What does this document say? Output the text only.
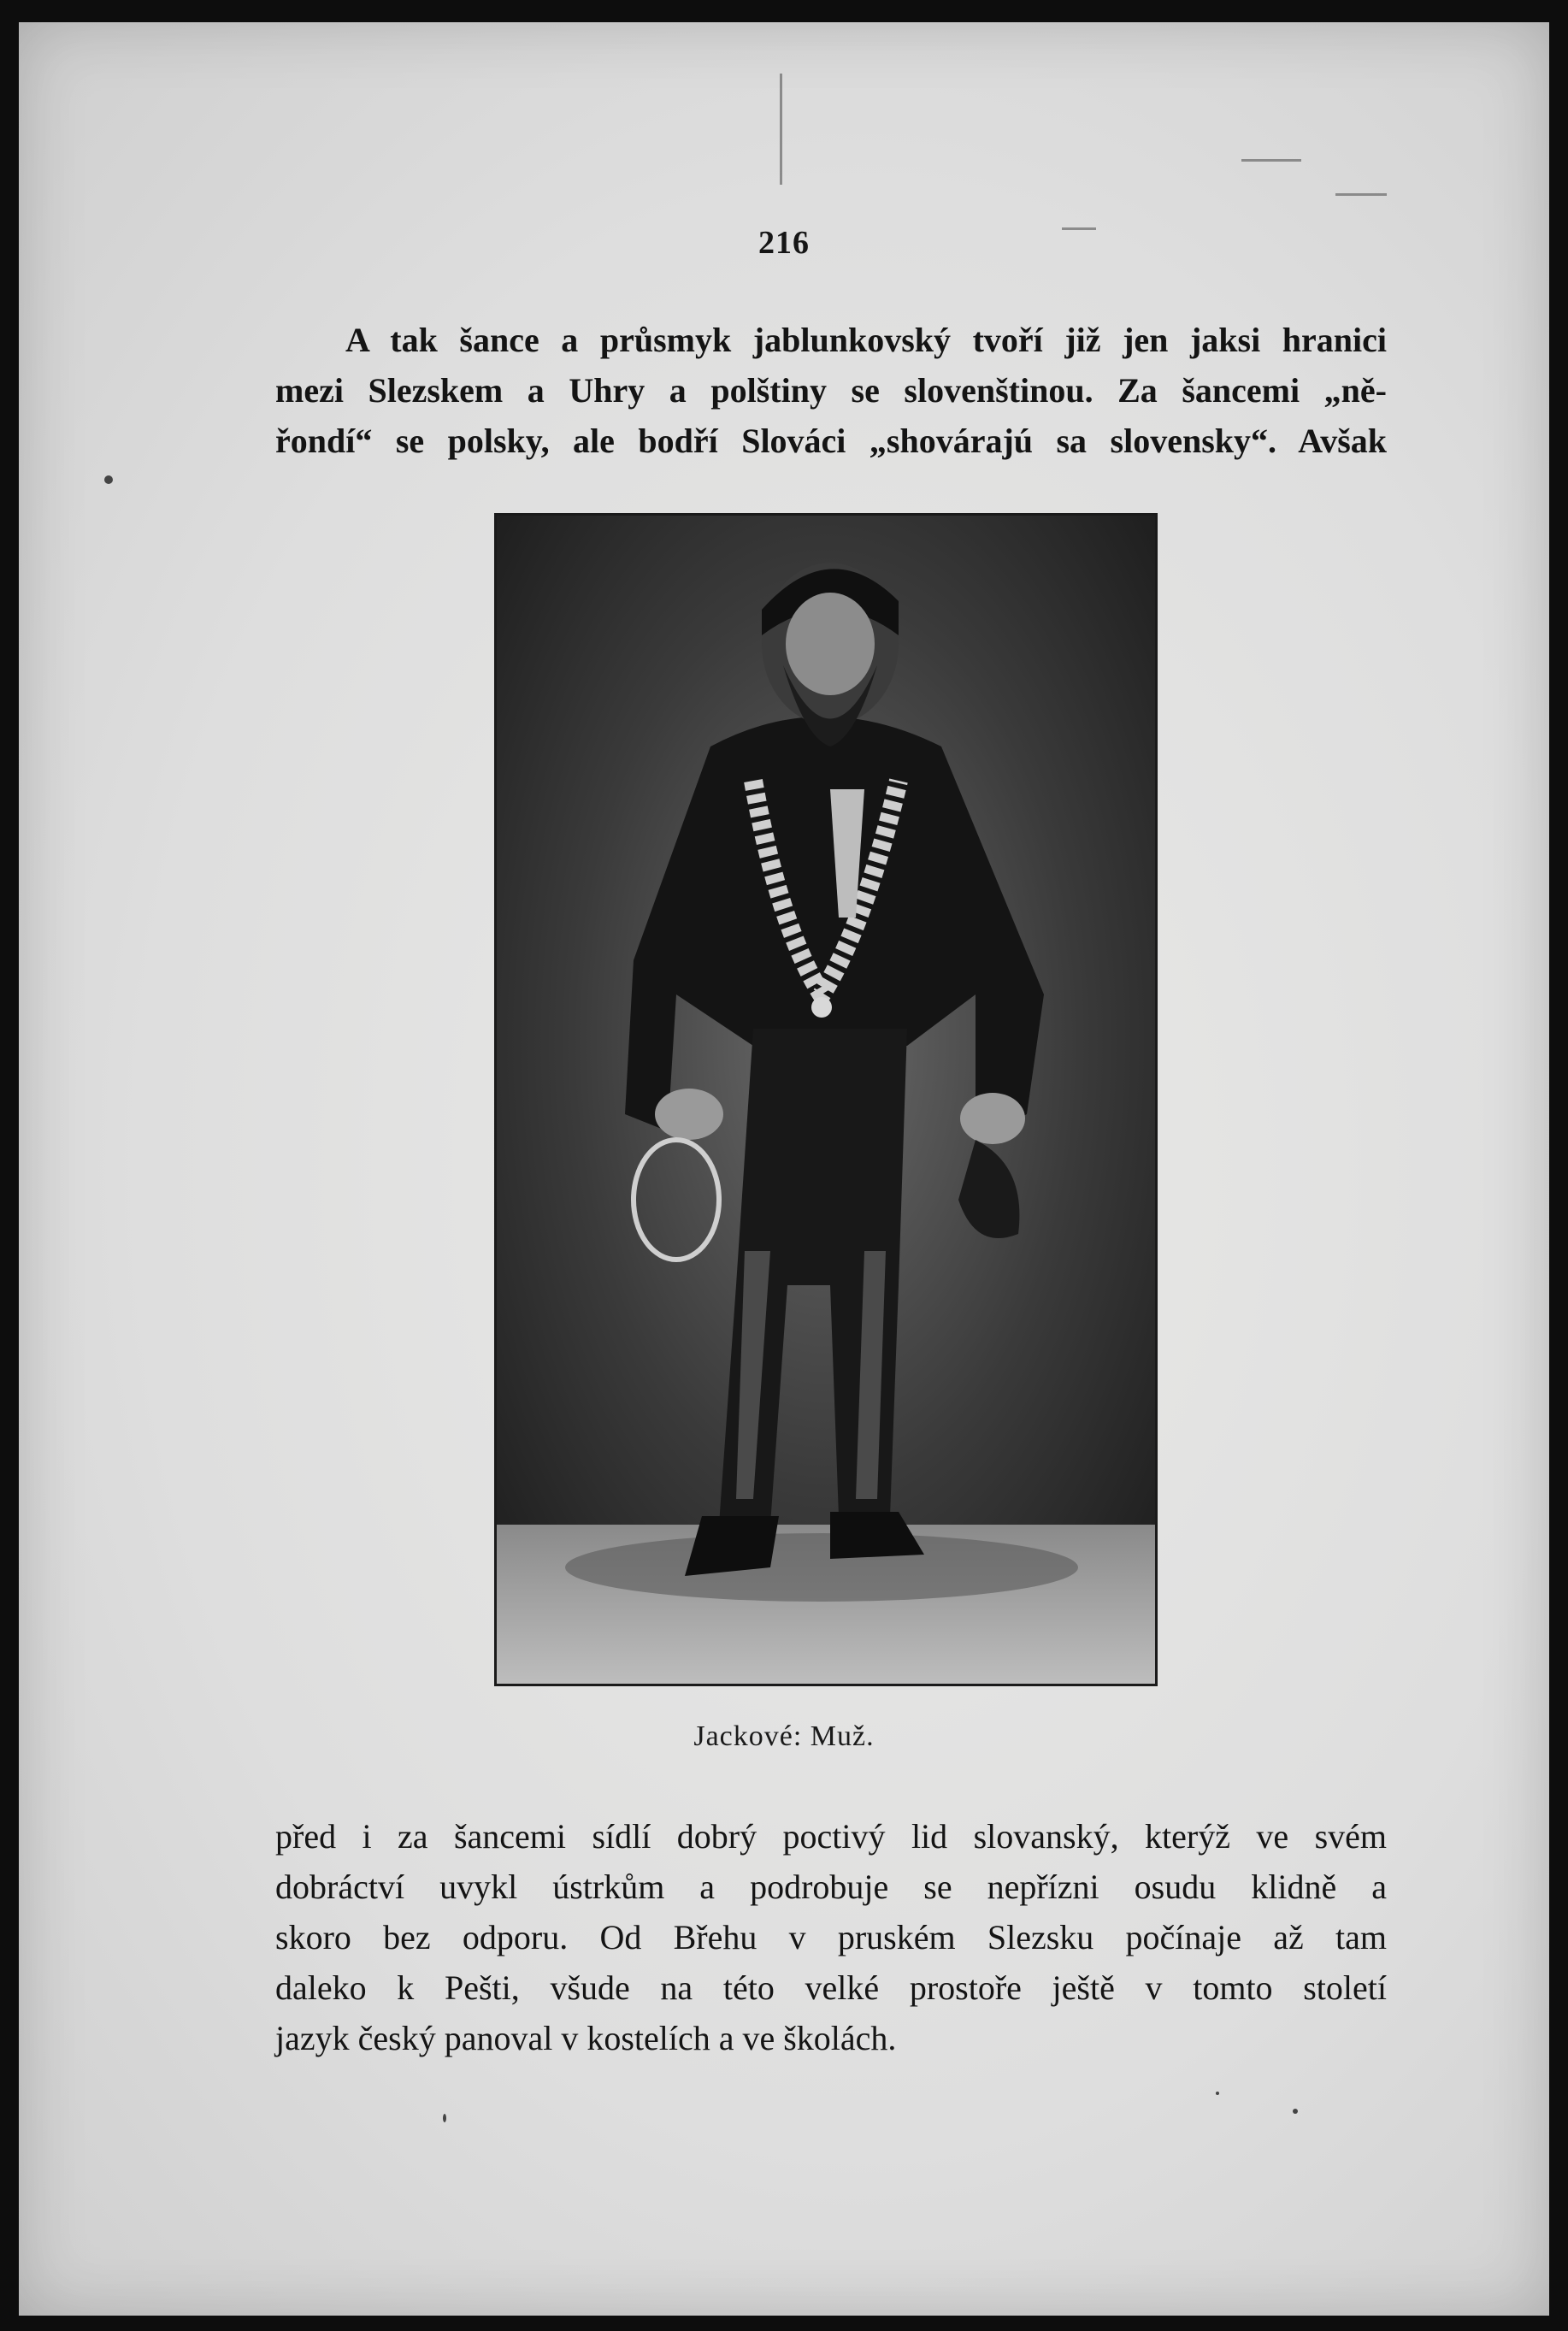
216
A tak šance a průsmyk jablunkovský tvoří již jen jaksi hranici
mezi Slezskem a Uhry a polštiny se slovenštinou. Za šancemi „ně-
řondí“ se polsky, ale bodří Slováci „shovárajú sa slovensky“. Avšak
Jackové: Muž.
před i za šancemi sídlí dobrý poctivý lid slovanský, kterýž ve svém
dobráctví uvykl ústrkům a podrobuje se nepřízni osudu klidně a
skoro bez odporu. Od Břehu v pruském Slezsku počínaje až tam
daleko k Pešti, všude na této velké prostoře ještě v tomto století
jazyk český panoval v kostelích a ve školách.
